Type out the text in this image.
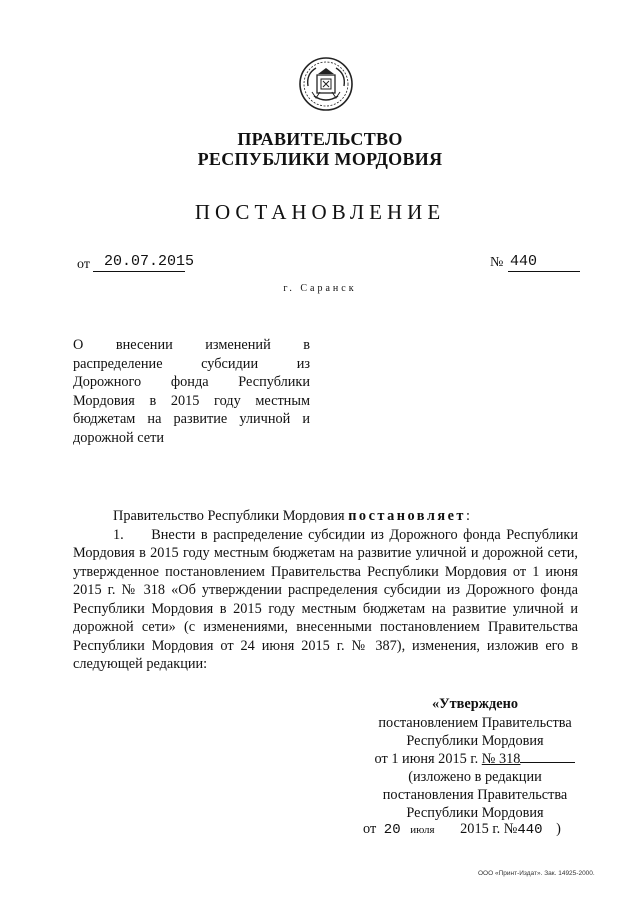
ПРАВИТЕЛЬСТВО
РЕСПУБЛИКИ МОРДОВИЯ
ПОСТАНОВЛЕНИЕ
от 20.07.2015	№ 440
г. Саранск
О внесении изменений в распределение субсидии из Дорожного фонда Республики Мордовия в 2015 году местным бюджетам на развитие уличной и дорожной сети

Правительство Республики Мордовия постановляет:

1. Внести в распределение субсидии из Дорожного фонда Республики Мордовия в 2015 году местным бюджетам на развитие уличной и дорожной сети, утвержденное постановлением Правительства Республики Мордовия от 1 июня 2015 г. № 318 «Об утверждении распределения субсидии из Дорожного фонда Республики Мордовия в 2015 году местным бюджетам на развитие уличной и дорожной сети» (с изменениями, внесенными постановлением Правительства Республики Мордовия от 24 июня 2015 г. № 387), изменения, изложив его в следующей редакции:

«Утверждено
постановлением Правительства
Республики Мордовия
от 1 июня 2015 г. № 318
(изложено в редакции
постановления Правительства
Республики Мордовия
от 20 июля 2015 г. №440 )
ООО «Принт-Издат». Зак. 14925-2000.
